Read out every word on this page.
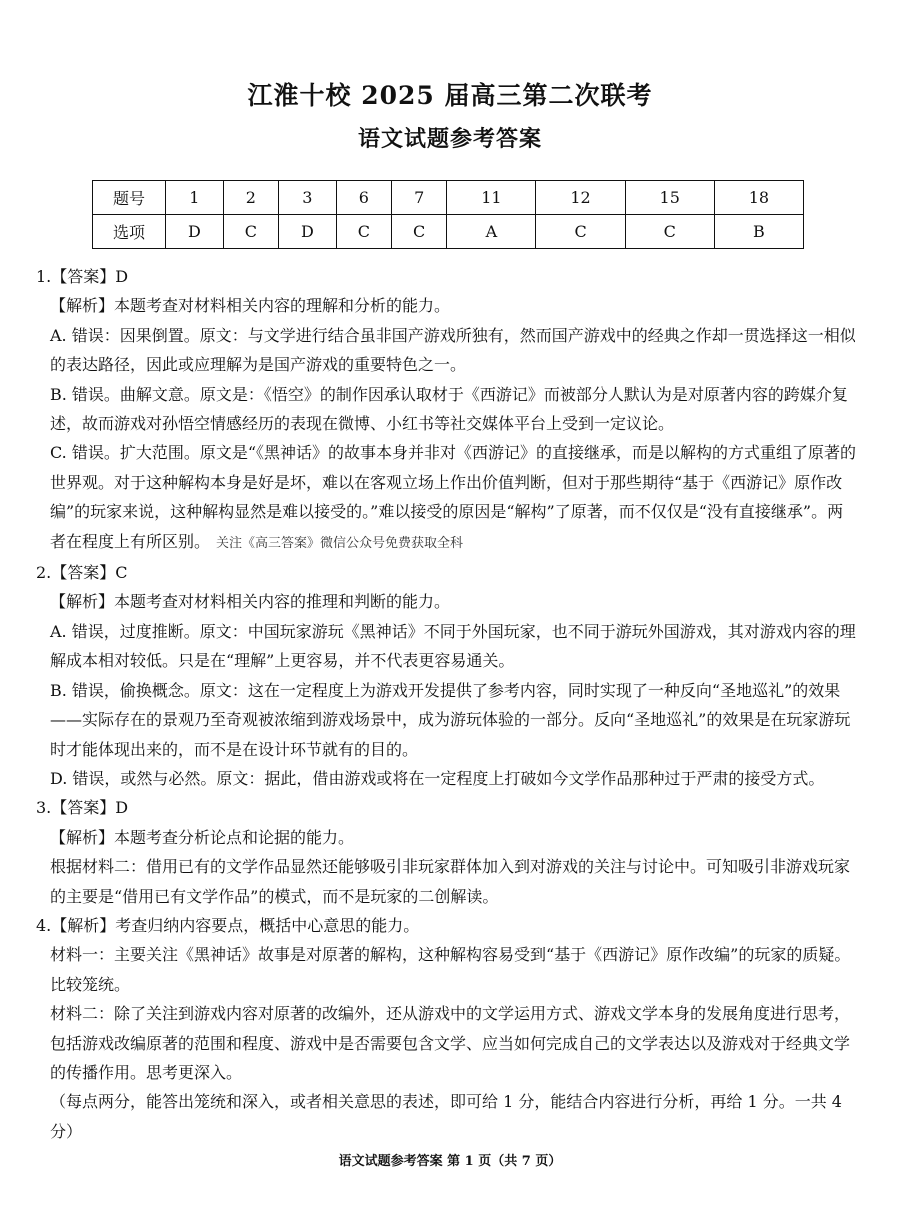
江淮十校 2025 届高三第二次联考
语文试题参考答案
题号	1	2	3	6	7	11	12	15	18
选项	D	C	D	C	C	A	C	C	B

1.【答案】D

【解析】本题考查对材料相关内容的理解和分析的能力。

A. 错误：因果倒置。原文：与文学进行结合虽非国产游戏所独有，然而国产游戏中的经典之作却一贯选择这一相似的表达路径，因此或应理解为是国产游戏的重要特色之一。

B. 错误。曲解文意。原文是：《悟空》的制作因承认取材于《西游记》而被部分人默认为是对原著内容的跨媒介复述，故而游戏对孙悟空情感经历的表现在微博、小红书等社交媒体平台上受到一定议论。

C. 错误。扩大范围。原文是“《黑神话》的故事本身并非对《西游记》的直接继承，而是以解构的方式重组了原著的世界观。对于这种解构本身是好是坏，难以在客观立场上作出价值判断，但对于那些期待“基于《西游记》原作改编”的玩家来说，这种解构显然是难以接受的。”难以接受的原因是“解构”了原著，而不仅仅是“没有直接继承”。两者在程度上有所区别。 关注《高三答案》微信公众号免费获取全科

2.【答案】C

【解析】本题考查对材料相关内容的推理和判断的能力。

A. 错误，过度推断。原文：中国玩家游玩《黑神话》不同于外国玩家，也不同于游玩外国游戏，其对游戏内容的理解成本相对较低。只是在“理解”上更容易，并不代表更容易通关。

B. 错误，偷换概念。原文：这在一定程度上为游戏开发提供了参考内容，同时实现了一种反向“圣地巡礼”的效果——实际存在的景观乃至奇观被浓缩到游戏场景中，成为游玩体验的一部分。反向“圣地巡礼”的效果是在玩家游玩时才能体现出来的，而不是在设计环节就有的目的。

D. 错误，或然与必然。原文：据此，借由游戏或将在一定程度上打破如今文学作品那种过于严肃的接受方式。

3.【答案】D

【解析】本题考查分析论点和论据的能力。

根据材料二：借用已有的文学作品显然还能够吸引非玩家群体加入到对游戏的关注与讨论中。可知吸引非游戏玩家的主要是“借用已有文学作品”的模式，而不是玩家的二创解读。

4.【解析】考查归纳内容要点，概括中心意思的能力。

材料一：主要关注《黑神话》故事是对原著的解构，这种解构容易受到“基于《西游记》原作改编”的玩家的质疑。比较笼统。

材料二：除了关注到游戏内容对原著的改编外，还从游戏中的文学运用方式、游戏文学本身的发展角度进行思考，包括游戏改编原著的范围和程度、游戏中是否需要包含文学、应当如何完成自己的文学表达以及游戏对于经典文学的传播作用。思考更深入。

（每点两分，能答出笼统和深入，或者相关意思的表述，即可给 1 分，能结合内容进行分析，再给 1 分。一共 4 分）

语文试题参考答案 第 1 页（共 7 页）
